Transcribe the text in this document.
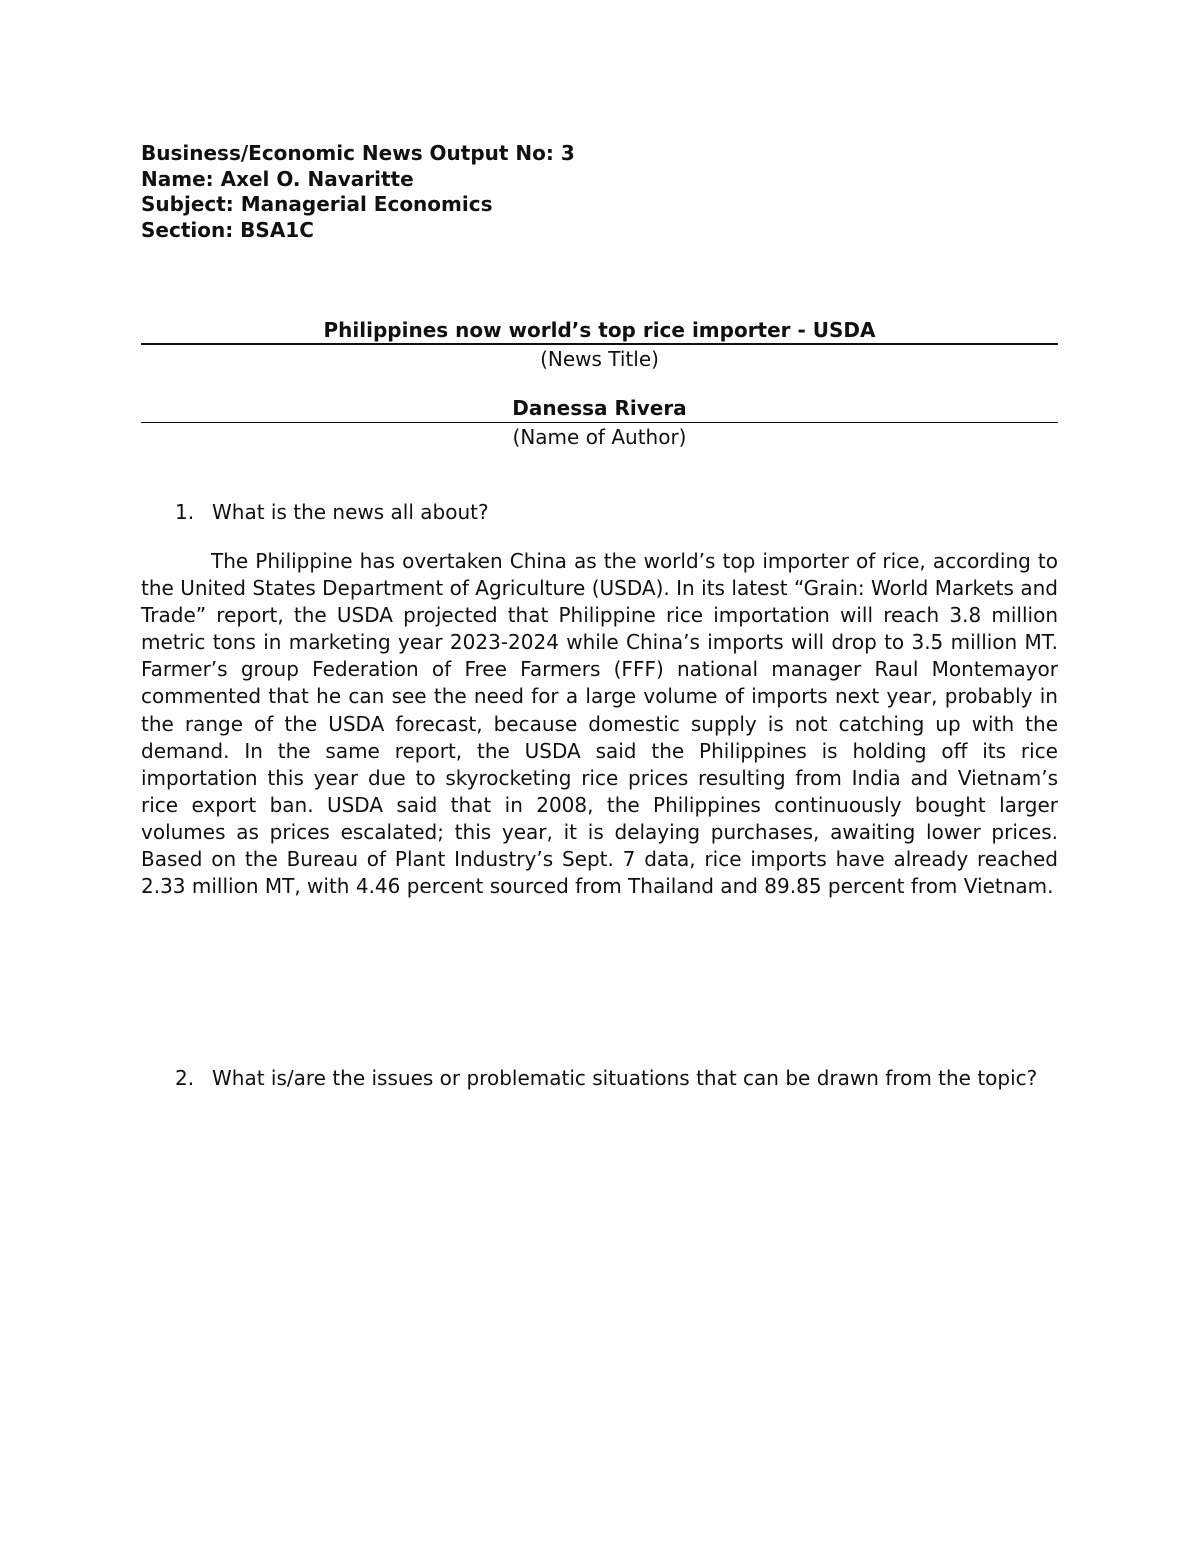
Business/Economic News Output No: 3
Name: Axel O. Navaritte
Subject: Managerial Economics
Section: BSA1C
Philippines now world’s top rice importer - USDA
(News Title)
Danessa Rivera
(Name of Author)
1. What is the news all about?
The Philippine has overtaken China as the world’s top importer of rice, according to the United States Department of Agriculture (USDA). In its latest “Grain: World Markets and Trade” report, the USDA projected that Philippine rice importation will reach 3.8 million metric tons in marketing year 2023-2024 while China’s imports will drop to 3.5 million MT. Farmer’s group Federation of Free Farmers (FFF) national manager Raul Montemayor commented that he can see the need for a large volume of imports next year, probably in the range of the USDA forecast, because domestic supply is not catching up with the demand. In the same report, the USDA said the Philippines is holding off its rice importation this year due to skyrocketing rice prices resulting from India and Vietnam’s rice export ban. USDA said that in 2008, the Philippines continuously bought larger volumes as prices escalated; this year, it is delaying purchases, awaiting lower prices. Based on the Bureau of Plant Industry’s Sept. 7 data, rice imports have already reached 2.33 million MT, with 4.46 percent sourced from Thailand and 89.85 percent from Vietnam.
2. What is/are the issues or problematic situations that can be drawn from the topic?
